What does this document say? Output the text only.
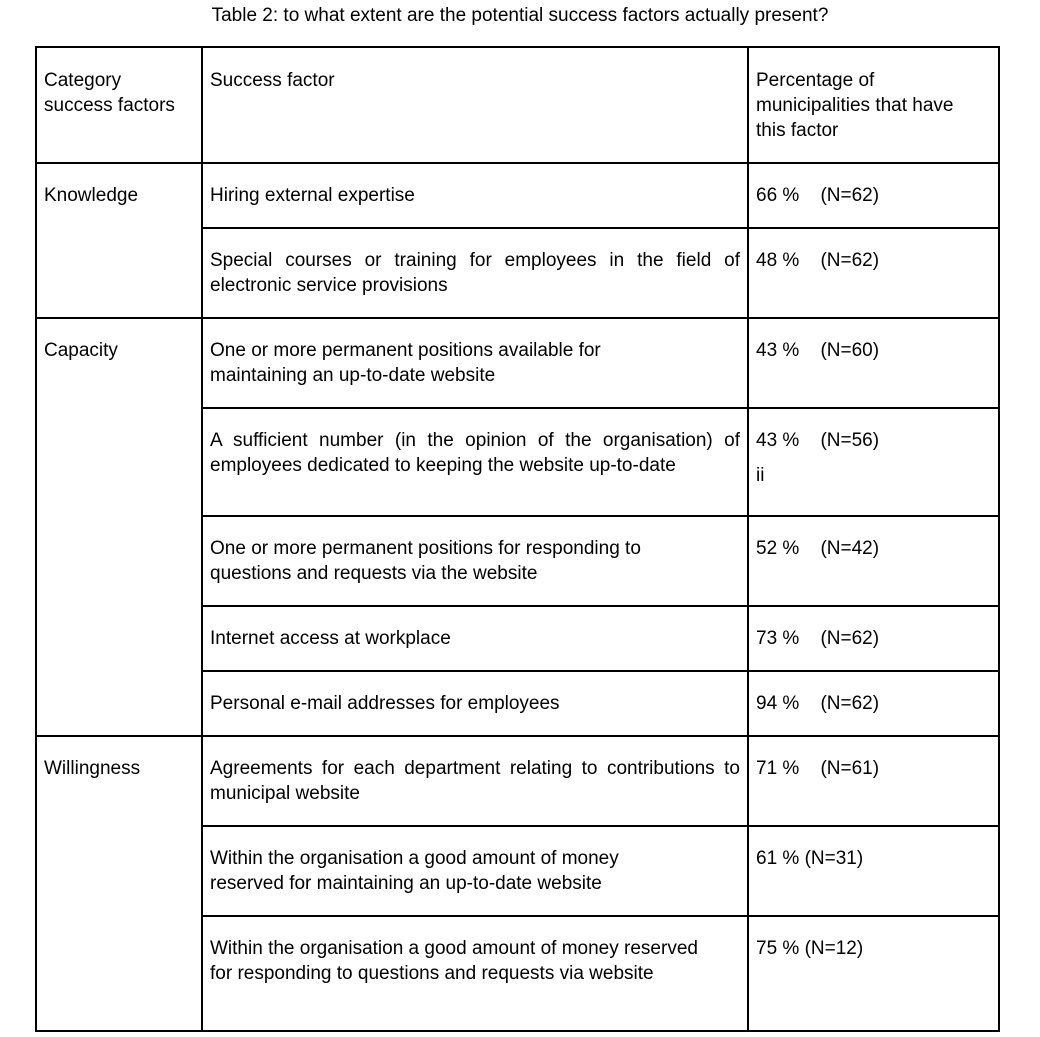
Table 2: to what extent are the potential success factors actually present?
Category success factors	Success factor	Percentage of municipalities that have this factor

Knowledge	Hiring external expertise	66 % (N=62)
	Special courses or training for employees in the field of electronic service provisions	48 % (N=62)
Capacity	One or more permanent positions available for maintaining an up-to-date website	43 % (N=60)
	A sufficient number (in the opinion of the organisation) of employees dedicated to keeping the website up-to-date	43 % (N=56)
ii

	One or more permanent positions for responding to questions and requests via the website	52 % (N=42)
	Internet access at workplace	73 % (N=62)
	Personal e-mail addresses for employees	94 % (N=62)
Willingness	Agreements for each department relating to contributions to municipal website	71 % (N=61)

	Within the organisation a good amount of money reserved for maintaining an up-to-date website	61 % (N=31)

	Within the organisation a good amount of money reserved for responding to questions and requests via website	75 % (N=12)
